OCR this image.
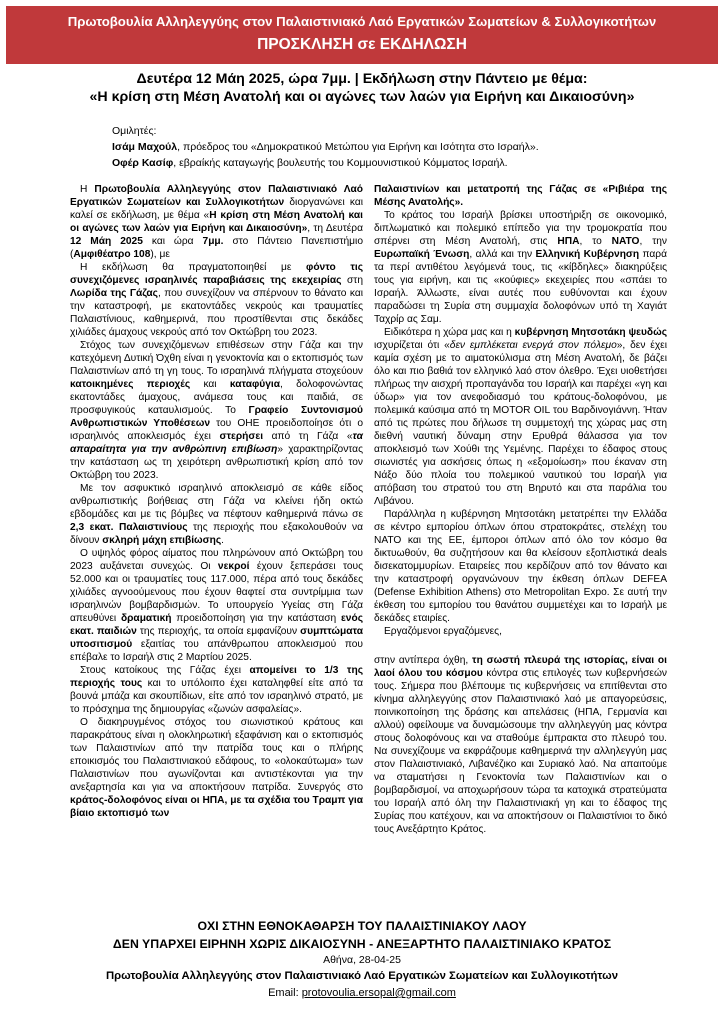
Πρωτοβουλία Αλληλεγγύης στον Παλαιστινιακό Λαό Εργατικών Σωματείων & Συλλογικοτήτων
ΠΡΟΣΚΛΗΣΗ σε ΕΚΔΗΛΩΣΗ
Δευτέρα 12 Μάη 2025, ώρα 7μμ. | Εκδήλωση στην Πάντειο με θέμα:
«Η κρίση στη Μέση Ανατολή και οι αγώνες των λαών για Ειρήνη και Δικαιοσύνη»
Ομιλητές:
Ισάμ Μαχούλ, πρόεδρος του «Δημοκρατικού Μετώπου για Ειρήνη και Ισότητα στο Ισραήλ».
Οφέρ Κασίφ, εβραίκής καταγωγής βουλευτής του Κομμουνιστικού Κόμματος Ισραήλ.

Η Πρωτοβουλία Αλληλεγγύης στον Παλαιστινιακό Λαό Εργατικών Σωματείων και Συλλογικοτήτων διοργανώνει και καλεί σε εκδήλωση, με θέμα «Η κρίση στη Μέση Ανατολή και οι αγώνες των λαών για Ειρήνη και Δικαιοσύνη», τη Δευτέρα 12 Μάη 2025 και ώρα 7μμ. στο Πάντειο Πανεπιστήμιο (Αμφιθέατρο 108), με

Η εκδήλωση θα πραγματοποιηθεί με φόντο τις συνεχιζόμενες ισραηλινές παραβιάσεις της εκεχειρίας στη Λωρίδα της Γάζας, που συνεχίζουν να σπέρνουν το θάνατο και την καταστροφή, με εκατοντάδες νεκρούς και τραυματίες Παλαιστίνιους, καθημερινά, που προστίθενται στις δεκάδες χιλιάδες άμαχους νεκρούς από τον Οκτώβρη του 2023.

Στόχος των συνεχιζόμενων επιθέσεων στην Γάζα και την κατεχόμενη Δυτική Όχθη είναι η γενοκτονία και ο εκτοπισμός των Παλαιστινίων από τη γη τους. Το ισραηλινά πλήγματα στοχεύουν κατοικημένες περιοχές και καταφύγια, δολοφονώντας εκατοντάδες άμαχους, ανάμεσα τους και παιδιά, σε προσφυγικούς καταυλισμούς. Το Γραφείο Συντονισμού Ανθρωπιστικών Υποθέσεων του ΟΗΕ προειδοποίησε ότι ο ισραηλινός αποκλεισμός έχει στερήσει από τη Γάζα «τα απαραίτητα για την ανθρώπινη επιβίωση» χαρακτηρίζοντας την κατάσταση ως τη χειρότερη ανθρωπιστική κρίση από τον Οκτώβρη του 2023.

Με τον ασφυκτικό ισραηλινό αποκλεισμό σε κάθε είδος ανθρωπιστικής βοήθειας στη Γάζα να κλείνει ήδη οκτώ εβδομάδες και με τις βόμβες να πέφτουν καθημερινά πάνω σε 2,3 εκατ. Παλαιστινίους της περιοχής που εξακολουθούν να δίνουν σκληρή μάχη επιβίωσης.

Ο υψηλός φόρος αίματος που πληρώνουν από Οκτώβρη του 2023 αυξάνεται συνεχώς. Οι νεκροί έχουν ξεπεράσει τους 52.000 και οι τραυματίες τους 117.000, πέρα από τους δεκάδες χιλιάδες αγνοούμενους που έχουν θαφτεί στα συντρίμμια των ισραηλινών βομβαρδισμών. Το υπουργείο Υγείας στη Γάζα απευθύνει δραματική προειδοποίηση για την κατάσταση ενός εκατ. παιδιών της περιοχής, τα οποία εμφανίζουν συμπτώματα υποσιτισμού εξαιτίας του απάνθρωπου αποκλεισμού που επέβαλε το Ισραήλ στις 2 Μαρτίου 2025.

Στους κατοίκους της Γάζας έχει απομείνει το 1/3 της περιοχής τους και το υπόλοιπο έχει καταληφθεί είτε από τα βουνά μπάζα και σκουπίδιων, είτε από τον ισραηλινό στρατό, με το πρόσχημα της δημιουργίας «ζωνών ασφαλείας».

Ο διακηρυγμένος στόχος του σιωνιστικού κράτους και παρακράτους είναι η ολοκληρωτική εξαφάνιση και ο εκτοπισμός των Παλαιστινίων από την πατρίδα τους και ο πλήρης εποικισμός του Παλαιστινιακού εδάφους, το «ολοκαύτωμα» των Παλαιστινίων που αγωνίζονται και αντιστέκονται για την ανεξαρτησία και για να αποκτήσουν πατρίδα. Συνεργός στο κράτος-δολοφόνος είναι οι ΗΠΑ, με τα σχέδια του Τραμπ για βίαιο εκτοπισμό των

Παλαιστινίων και μετατροπή της Γάζας σε «Ριβιέρα της Μέσης Ανατολής».

Το κράτος του Ισραήλ βρίσκει υποστήριξη σε οικονομικό, διπλωματικό και πολεμικό επίπεδο για την τρομοκρατία που σπέρνει στη Μέση Ανατολή, στις ΗΠΑ, το ΝΑΤΟ, την Ευρωπαϊκή Ένωση, αλλά και την Ελληνική Κυβέρνηση παρά τα περί αντιθέτου λεγόμενά τους, τις «κίβδηλες» διακηρύξεις τους για ειρήνη, και τις «κούφιες» εκεχειρίες που «σπάει το Ισραήλ. Άλλωστε, είναι αυτές που ευθύνονται και έχουν παραδώσει τη Συρία στη συμμαχία δολοφόνων υπό τη Χαγιάτ Ταχρίρ ας Σαμ.

Ειδικότερα η χώρα μας και η κυβέρνηση Μητσοτάκη ψευδώς ισχυρίζεται ότι «δεν εμπλέκεται ενεργά στον πόλεμο», δεν έχει καμία σχέση με το αιματοκύλισμα στη Μέση Ανατολή, δε βάζει όλο και πιο βαθιά τον ελληνικό λαό στον όλεθρο. Έχει υιοθετήσει πλήρως την αισχρή προπαγάνδα του Ισραήλ και παρέχει «γη και ύδωρ» για τον ανεφοδιασμό του κράτους-δολοφόνου, με πολεμικά καύσιμα από τη MOTOR OIL του Βαρδινογιάννη. Ήταν από τις πρώτες που δήλωσε τη συμμετοχή της χώρας μας στη διεθνή ναυτική δύναμη στην Ερυθρά θάλασσα για τον αποκλεισμό των Χούθι της Υεμένης. Παρέχει το έδαφος στους σιωνιστές για ασκήσεις όπως η «εξομοίωση» που έκαναν στη Νάξο δύο πλοία του πολεμικού ναυτικού του Ισραήλ για απόβαση του στρατού του στη Βηρυτό και στα παράλια του Λιβάνου.

Παράλληλα η κυβέρνηση Μητσοτάκη μετατρέπει την Ελλάδα σε κέντρο εμπορίου όπλων όπου στρατοκράτες, στελέχη του ΝΑΤΟ και της ΕΕ, έμποροι όπλων από όλο τον κόσμο θα δικτυωθούν, θα συζητήσουν και θα κλείσουν εξοπλιστικά deals δισεκατομμυρίων. Εταιρείες που κερδίζουν από τον θάνατο και την καταστροφή οργανώνουν την έκθεση όπλων DEFEA (Defense Exhibition Athens) στο Metropolitan Expo. Σε αυτή την έκθεση του εμπορίου του θανάτου συμμετέχει και το Ισραήλ με δεκάδες εταιρίες.

Εργαζόμενοι εργαζόμενες,

στην αντίπερα όχθη, τη σωστή πλευρά της ιστορίας, είναι οι λαοί όλου του κόσμου κόντρα στις επιλογές των κυβερνήσεών τους. Σήμερα που βλέπουμε τις κυβερνήσεις να επιτίθενται στο κίνημα αλληλεγγύης στον Παλαιστινιακό λαό με απαγορεύσεις, ποινικοποίηση της δράσης και απελάσεις (ΗΠΑ, Γερμανία και αλλού) οφείλουμε να δυναμώσουμε την αλληλεγγύη μας κόντρα στους δολοφόνους και να σταθούμε έμπρακτα στο πλευρό του. Να συνεχίζουμε να εκφράζουμε καθημερινά την αλληλεγγύη μας στον Παλαιστινιακό, Λιβανέζικο και Συριακό λαό. Να απαιτούμε να σταματήσει η Γενοκτονία των Παλαιστινίων και ο βομβαρδισμοί, να αποχωρήσουν τώρα τα κατοχικά στρατεύματα του Ισραήλ από όλη την Παλαιστινιακή γη και το έδαφος της Συρίας που κατέχουν, και να αποκτήσουν οι Παλαιστίνιοι το δικό τους Ανεξάρτητο Κράτος.

ΟΧΙ ΣΤΗΝ ΕΘΝΟΚΑΘΑΡΣΗ ΤΟΥ ΠΑΛΑΙΣΤΙΝΙΑΚΟΥ ΛΑΟΥ
ΔΕΝ ΥΠΑΡΧΕΙ ΕΙΡΗΝΗ ΧΩΡΙΣ ΔΙΚΑΙΟΣΥΝΗ - ΑΝΕΞΑΡΤΗΤΟ ΠΑΛΑΙΣΤΙΝΙΑΚΟ ΚΡΑΤΟΣ
Αθήνα, 28-04-25
Πρωτοβουλία Αλληλεγγύης στον Παλαιστινιακό Λαό Εργατικών Σωματείων και Συλλογικοτήτων
Email: protovoulia.ersopal@gmail.com
